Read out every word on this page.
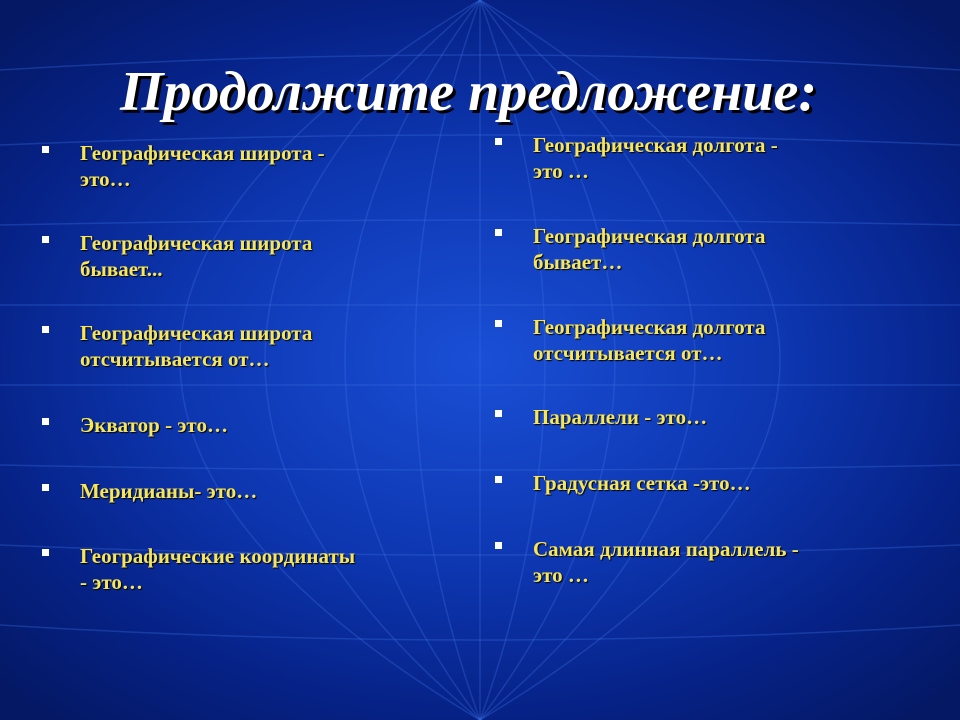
Продолжите предложение:
Географическая широта -
это…
Географическая широта
бывает...
Географическая широта
отсчитывается от…
Экватор - это…
Меридианы- это…
Географические координаты
- это…
Географическая долгота -
это …
Географическая долгота
бывает…
Географическая долгота
отсчитывается от…
Параллели - это…
Градусная сетка -это…
Самая длинная параллель -
это …
